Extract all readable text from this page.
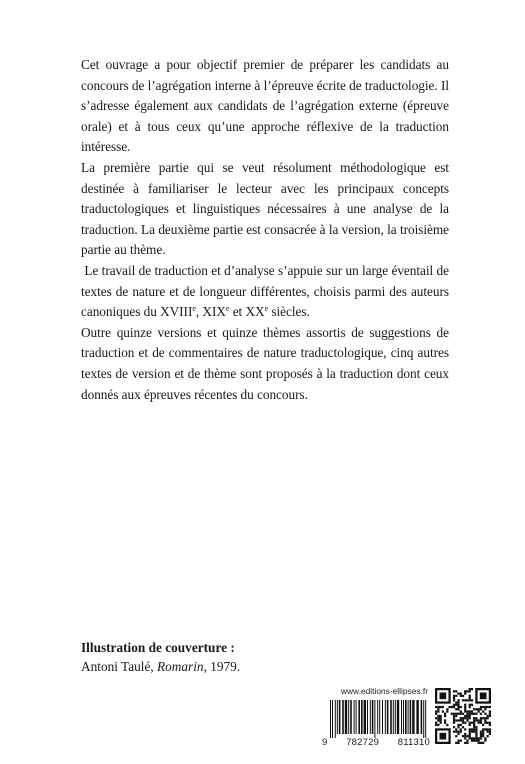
Cet ouvrage a pour objectif premier de préparer les candidats au concours de l’agrégation interne à l’épreuve écrite de traductologie. Il s’adresse également aux candidats de l’agrégation externe (épreuve orale) et à tous ceux qu’une approche réflexive de la traduction intéresse.

La première partie qui se veut résolument méthodologique est destinée à familiariser le lecteur avec les principaux concepts traductologiques et linguistiques nécessaires à une analyse de la traduction. La deuxième partie est consacrée à la version, la troisième partie au thème.

Le travail de traduction et d’analyse s’appuie sur un large éventail de textes de nature et de longueur différentes, choisis parmi des auteurs canoniques du XVIIIe, XIXe et XXe siècles.

Outre quinze versions et quinze thèmes assortis de suggestions de traduction et de commentaires de nature traductologique, cinq autres textes de version et de thème sont proposés à la traduction dont ceux donnés aux épreuves récentes du concours.

Illustration de couverture :
Antoni Taulé, Romarin, 1979.
www.editions-ellipses.fr
9 782729 811310
